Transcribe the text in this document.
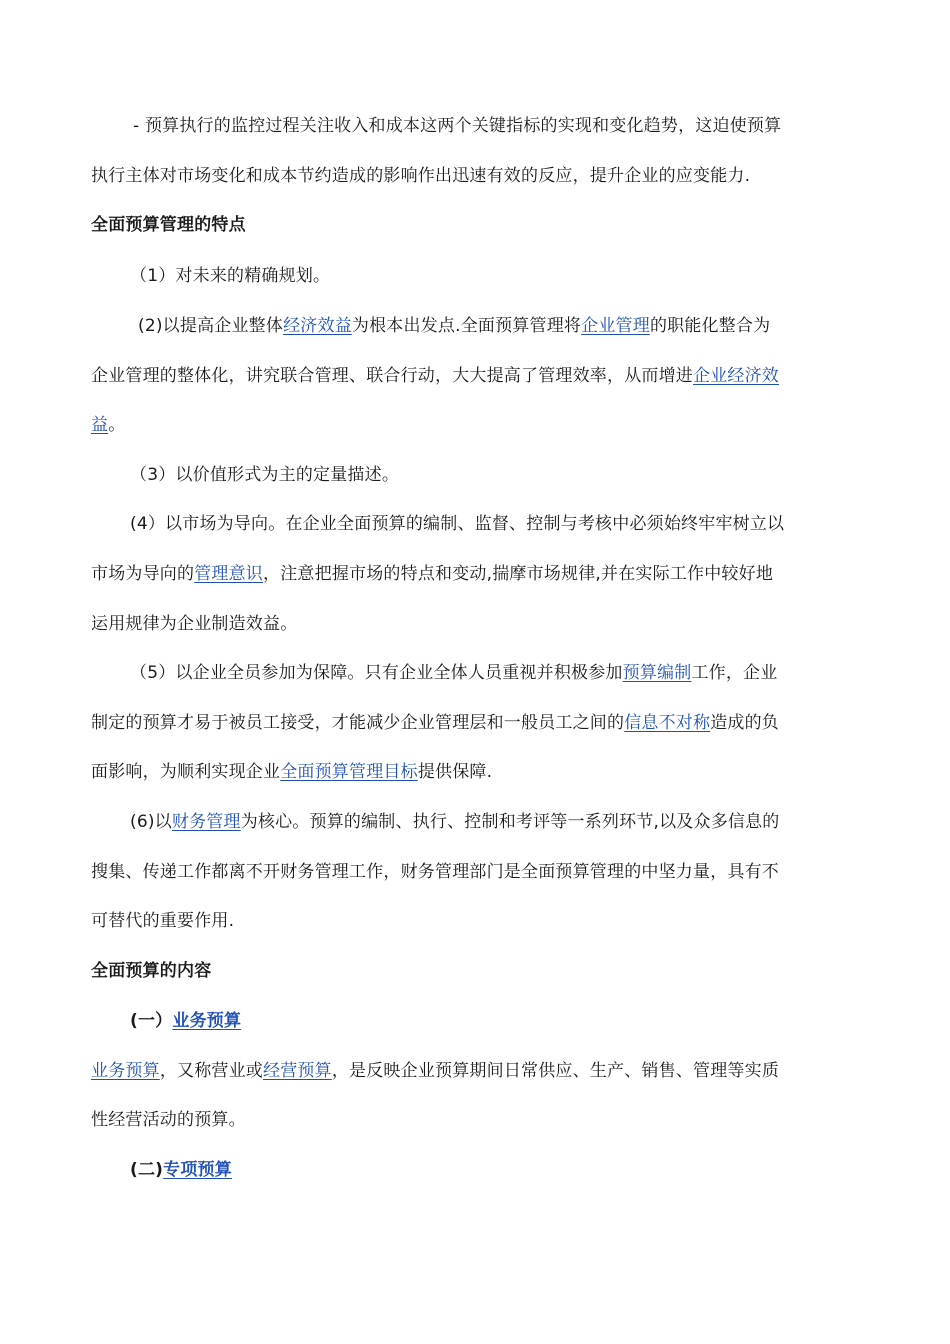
- 预算执行的监控过程关注收入和成本这两个关键指标的实现和变化趋势，这迫使预算
执行主体对市场变化和成本节约造成的影响作出迅速有效的反应，提升企业的应变能力.
全面预算管理的特点
（1）对未来的精确规划。
(2)以提高企业整体经济效益为根本出发点.全面预算管理将企业管理的职能化整合为
企业管理的整体化，讲究联合管理、联合行动，大大提高了管理效率，从而增进企业经济效
益。
（3）以价值形式为主的定量描述。
(4）以市场为导向。在企业全面预算的编制、监督、控制与考核中必须始终牢牢树立以
市场为导向的管理意识，注意把握市场的特点和变动,揣摩市场规律,并在实际工作中较好地
运用规律为企业制造效益。
（5）以企业全员参加为保障。只有企业全体人员重视并积极参加预算编制工作，企业
制定的预算才易于被员工接受，才能减少企业管理层和一般员工之间的信息不对称造成的负
面影响，为顺利实现企业全面预算管理目标提供保障.
(6)以财务管理为核心。预算的编制、执行、控制和考评等一系列环节,以及众多信息的
搜集、传递工作都离不开财务管理工作，财务管理部门是全面预算管理的中坚力量，具有不
可替代的重要作用.
全面预算的内容
(一）业务预算
业务预算，又称营业或经营预算，是反映企业预算期间日常供应、生产、销售、管理等实质
性经营活动的预算。
(二)专项预算
